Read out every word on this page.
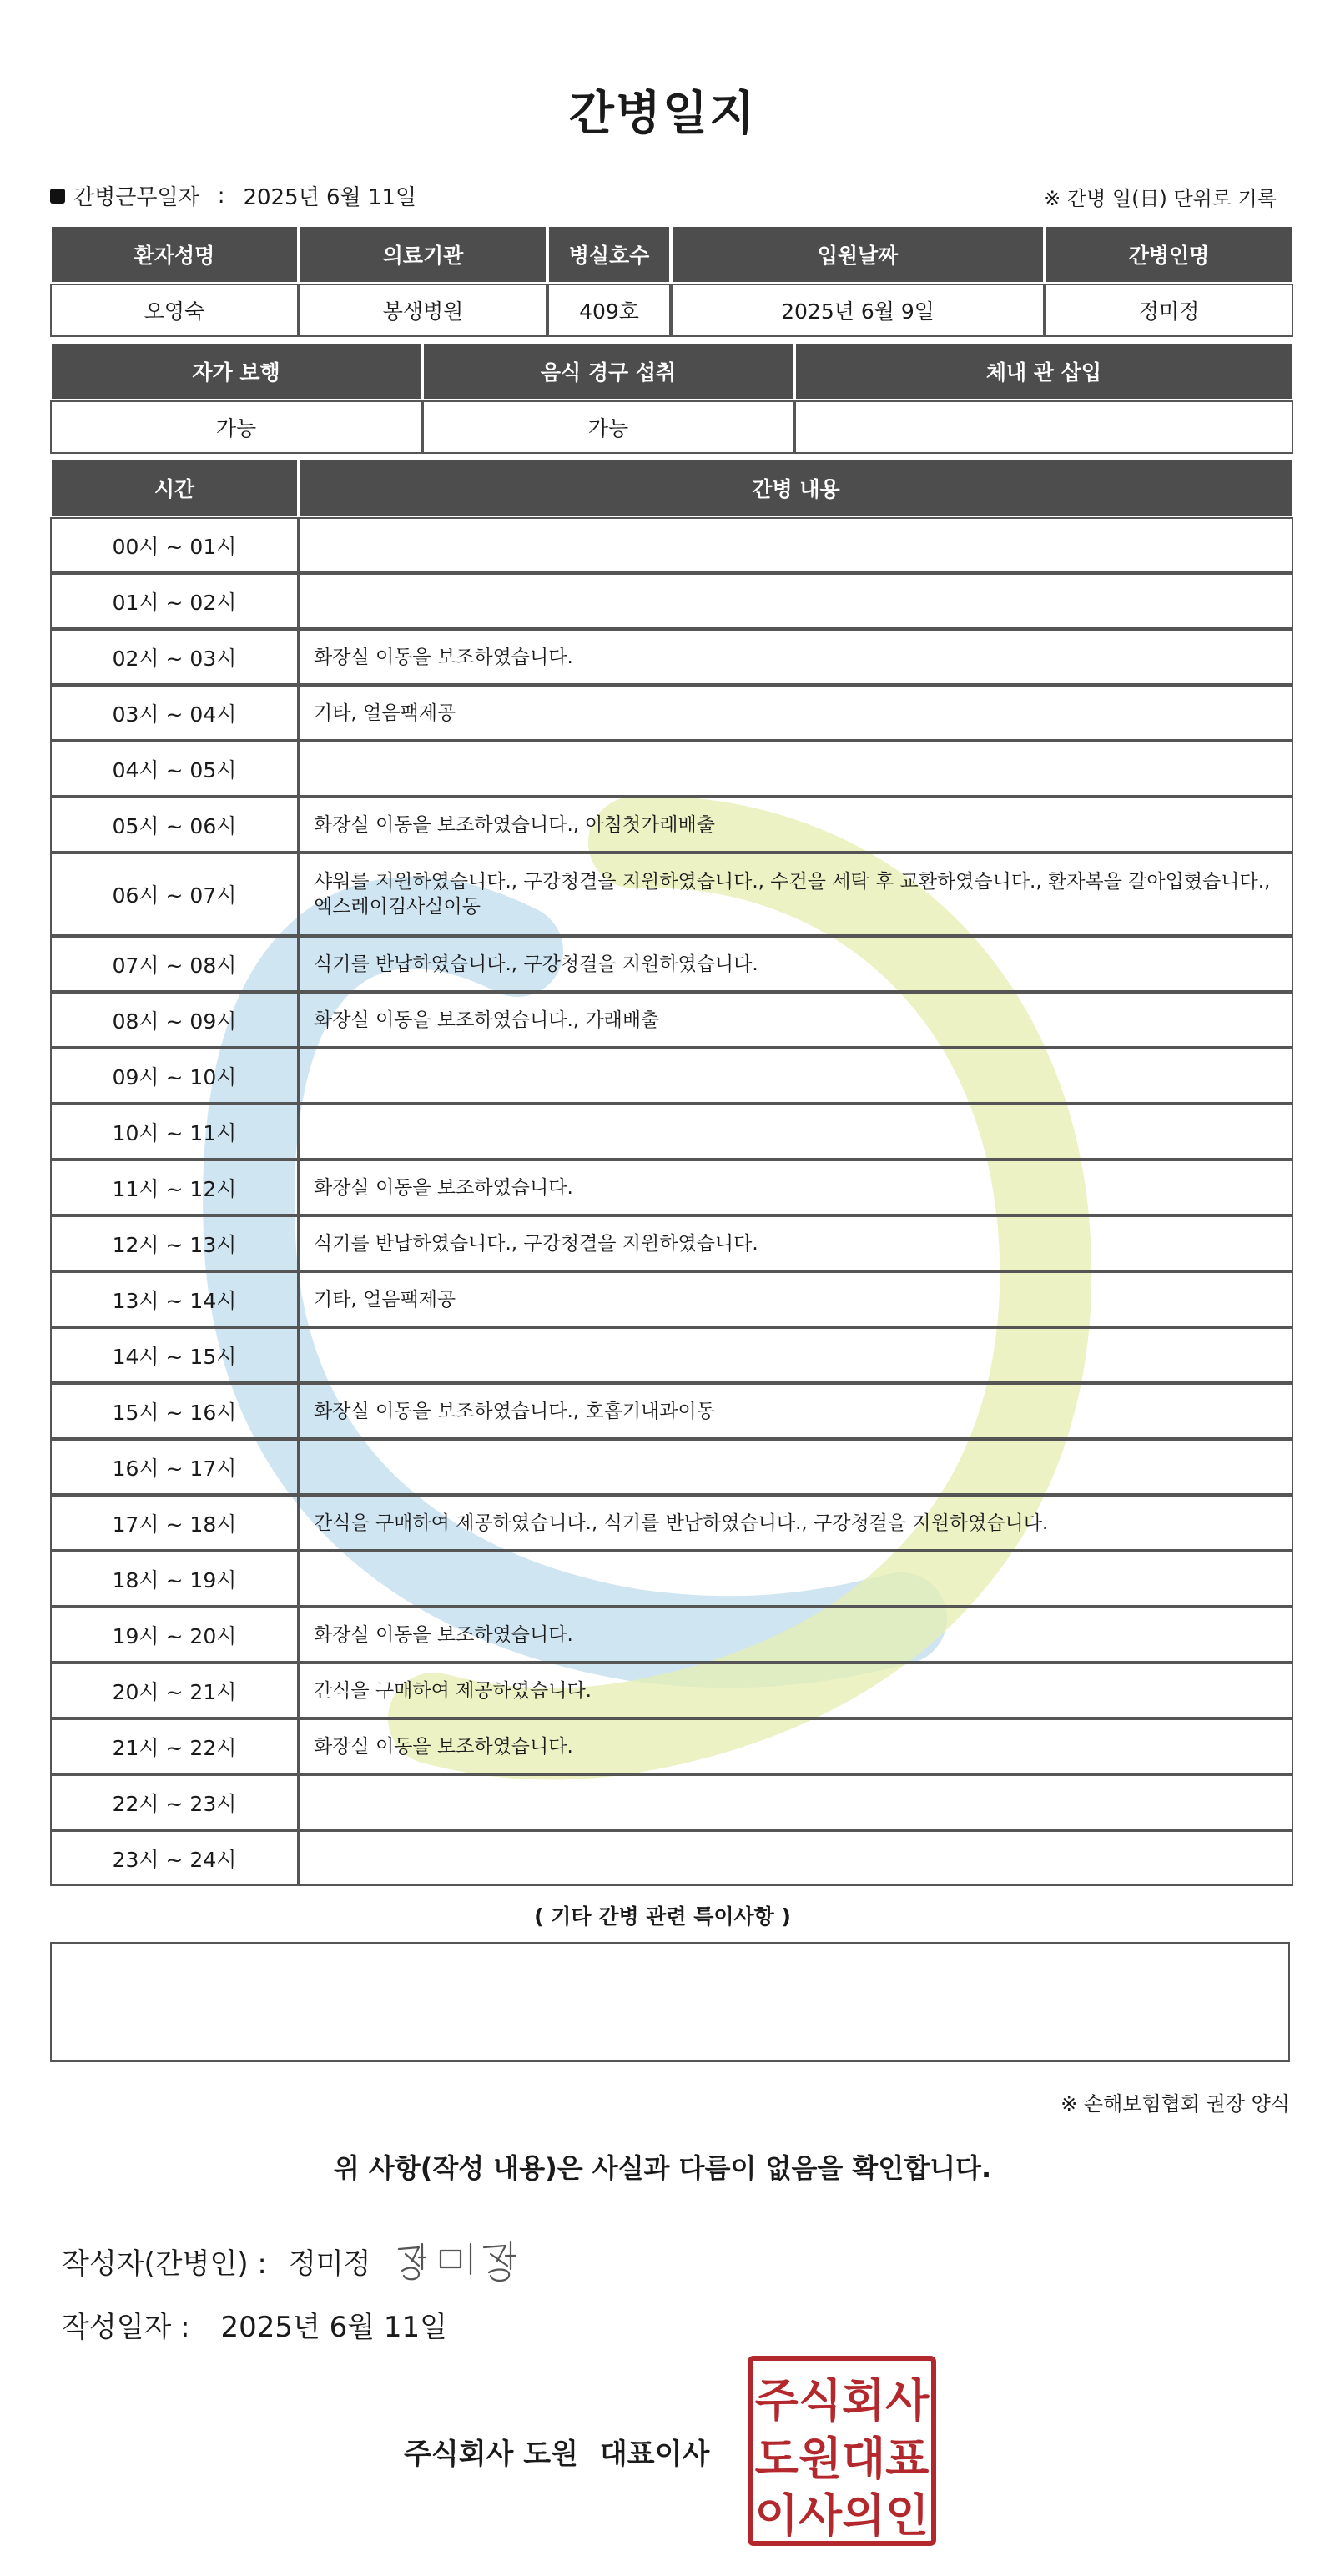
간병일지
간병근무일자 : 2025년 6월 11일	※ 간병 일(日) 단위로 기록
환자성명	의료기관	병실호수	입원날짜	간병인명
오영숙	봉생병원	409호	2025년 6월 9일	정미정
자가 보행	음식 경구 섭취	체내 관 삽입
가능	가능	
시간	간병 내용
00시 ~ 01시	
01시 ~ 02시	
02시 ~ 03시	화장실 이동을 보조하였습니다.
03시 ~ 04시	기타, 얼음팩제공
04시 ~ 05시	
05시 ~ 06시	화장실 이동을 보조하였습니다., 아침첫가래배출
06시 ~ 07시	샤워를 지원하였습니다., 구강청결을 지원하였습니다., 수건을 세탁 후 교환하였습니다., 환자복을 갈아입혔습니다., 엑스레이검사실이동
07시 ~ 08시	식기를 반납하였습니다., 구강청결을 지원하였습니다.
08시 ~ 09시	화장실 이동을 보조하였습니다., 가래배출
09시 ~ 10시	
10시 ~ 11시	
11시 ~ 12시	화장실 이동을 보조하였습니다.
12시 ~ 13시	식기를 반납하였습니다., 구강청결을 지원하였습니다.
13시 ~ 14시	기타, 얼음팩제공
14시 ~ 15시	
15시 ~ 16시	화장실 이동을 보조하였습니다., 호흡기내과이동
16시 ~ 17시	
17시 ~ 18시	간식을 구매하여 제공하였습니다., 식기를 반납하였습니다., 구강청결을 지원하였습니다.
18시 ~ 19시	
19시 ~ 20시	화장실 이동을 보조하였습니다.
20시 ~ 21시	간식을 구매하여 제공하였습니다.
21시 ~ 22시	화장실 이동을 보조하였습니다.
22시 ~ 23시	
23시 ~ 24시	
( 기타 간병 관련 특이사항 )
※ 손해보험협회 권장 양식
위 사항(작성 내용)은 사실과 다름이 없음을 확인합니다.
작성자(간병인) : 정미정
작성일자 : 2025년 6월 11일
주식회사 도원 대표이사
주식회사
도원대표
이사의인
